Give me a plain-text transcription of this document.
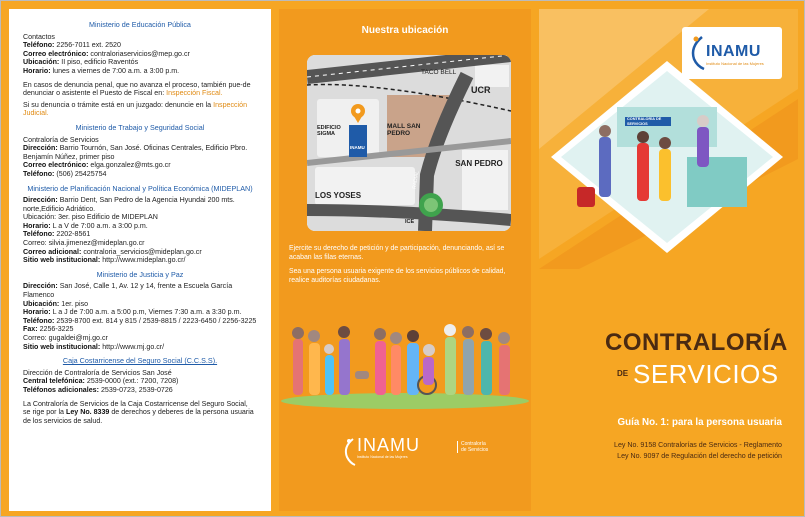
Ministerio de Educación Pública

Contactos

Teléfono: 2256-7011 ext. 2520

Correo electrónico: contraloriaservicios@mep.go.cr

Ubicación: II piso, edificio Raventós

Horario: lunes a viernes de 7:00 a.m. a 3:00 p.m.

En casos de denuncia penal, que no avanza el proceso, también pue-de denunciar o asistente el Puesto de Fiscal en: Inspección Fiscal.

Si su denuncia o trámite está en un juzgado: denuncie en la Inspección Judicial.

Ministerio de Trabajo y Seguridad Social

Contraloría de Servicios

Dirección: Barrio Tournón, San José. Oficinas Centrales, Edificio Pbro. Benjamín Núñez, primer piso

Correo electrónico: elga.gonzalez@mts.go.cr

Teléfono: (506) 25425754

Ministerio de Planificación Nacional y Política Económica (MIDEPLAN)

Dirección: Barrio Dent, San Pedro de la Agencia Hyundai 200 mts. norte,Edificio Adriático.

Ubicación: 3er. piso Edificio de MIDEPLAN

Horario: L a V de 7:00 a.m. a 3:00 p.m.

Teléfono: 2202-8561

Correo: silvia.jimenez@mideplan.go.cr

Correo adicional: contraloria_servicios@mideplan.go.cr

Sitio web institucional: http://www.mideplan.go.cr/

Ministerio de Justicia y Paz

Dirección: San José, Calle 1, Av. 12 y 14, frente a Escuela García Flamenco

Ubicación: 1er. piso

Horario: L a J de 7:00 a.m. a 5:00 p.m, Viernes 7:30 a.m. a 3:30 p.m.

Teléfono: 2539-8700 ext. 814 y 815 / 2539-8815 / 2223-6450 / 2256-3225

Fax: 2256-3225

Correo: gugaldei@mj.go.cr

Sitio web institucional: http://www.mj.go.cr/

Caja Costarricense del Seguro Social (C.C.S.S).

Dirección de Contraloría de Servicios San José

Central telefónica: 2539-0000 (ext.: 7200, 7208)

Teléfonos adicionales: 2539-0723, 2539-0726

La Contraloría de Servicios de la Caja Costarricense del Seguro Social, se rige por la Ley No. 8339 de derechos y deberes de la persona usuaria de los servicios de salud.

Nuestra ubicación
TACO BELL
UCR
EDIFICIO SIGMA
INAMU
MALL SAN PEDRO
RADIAL
SAN PEDRO
LOS YOSES
ICE

Ejercite su derecho de petición y de participación, denunciando, así se acaban las filas eternas.

Sea una persona usuaria exigente de los servicios públicos de calidad, realice auditorías ciudadanas.

INAMU
Instituto Nacional de las Mujeres
Contraloría de Servicios
INAMU
Instituto Nacional de las Mujeres
CONTRALORÍA DE SERVICIOS
CONTRALORÍA
DE SERVICIOS
Guía No. 1: para la persona usuaria
Ley No. 9158 Contralorías de Servicios - Reglamento
Ley No. 9097 de Regulación del derecho de petición
